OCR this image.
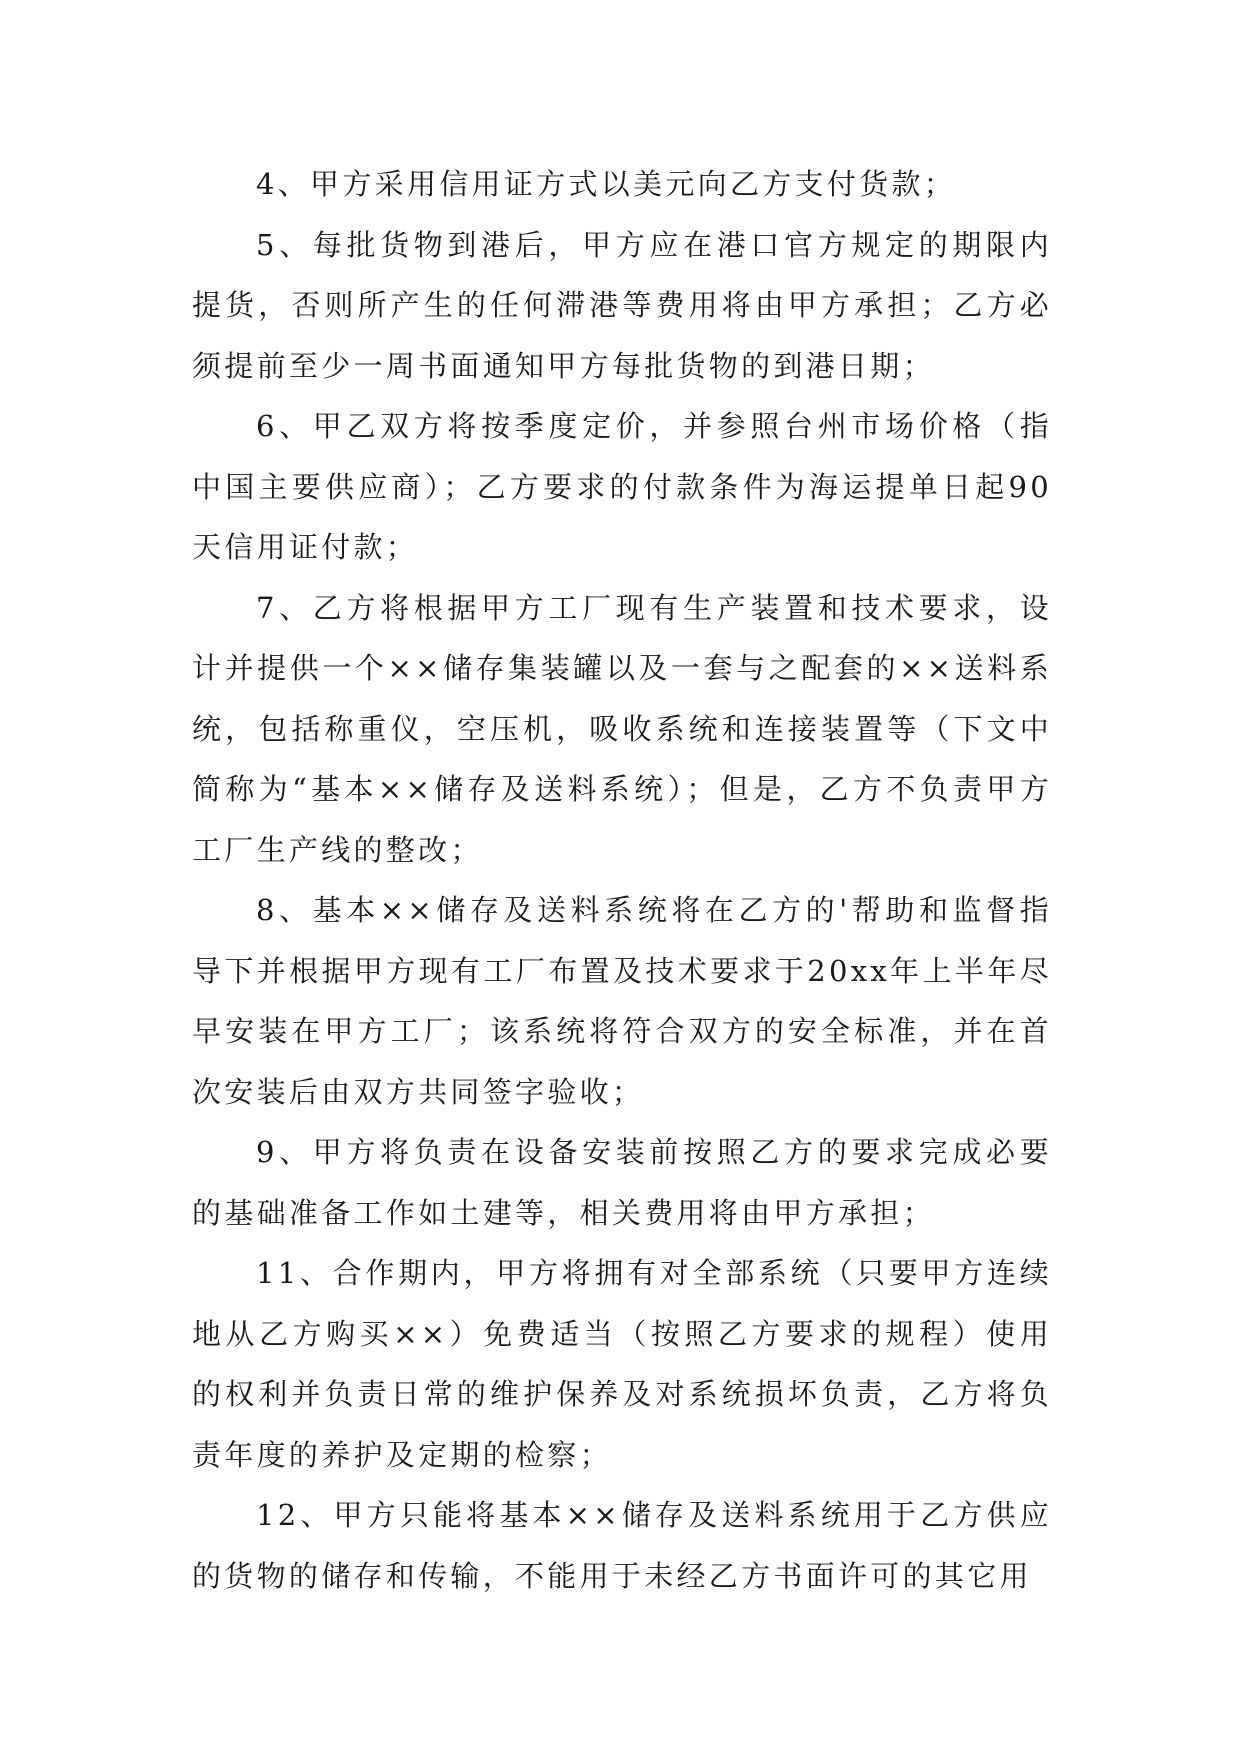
4、甲方采用信用证方式以美元向乙方支付货款；

5、每批货物到港后，甲方应在港口官方规定的期限内提货，否则所产生的任何滞港等费用将由甲方承担；乙方必须提前至少一周书面通知甲方每批货物的到港日期；

6、甲乙双方将按季度定价，并参照台州市场价格（指中国主要供应商）；乙方要求的付款条件为海运提单日起90天信用证付款；

7、乙方将根据甲方工厂现有生产装置和技术要求，设计并提供一个××储存集装罐以及一套与之配套的××送料系统，包括称重仪，空压机，吸收系统和连接装置等（下文中简称为“基本××储存及送料系统）；但是，乙方不负责甲方工厂生产线的整改；

8、基本××储存及送料系统将在乙方的'帮助和监督指导下并根据甲方现有工厂布置及技术要求于20xx年上半年尽早安装在甲方工厂；该系统将符合双方的安全标准，并在首次安装后由双方共同签字验收；

9、甲方将负责在设备安装前按照乙方的要求完成必要的基础准备工作如土建等，相关费用将由甲方承担；

11、合作期内，甲方将拥有对全部系统（只要甲方连续地从乙方购买××）免费适当（按照乙方要求的规程）使用的权利并负责日常的维护保养及对系统损坏负责，乙方将负责年度的养护及定期的检察；

12、甲方只能将基本××储存及送料系统用于乙方供应的货物的储存和传输，不能用于未经乙方书面许可的其它用
